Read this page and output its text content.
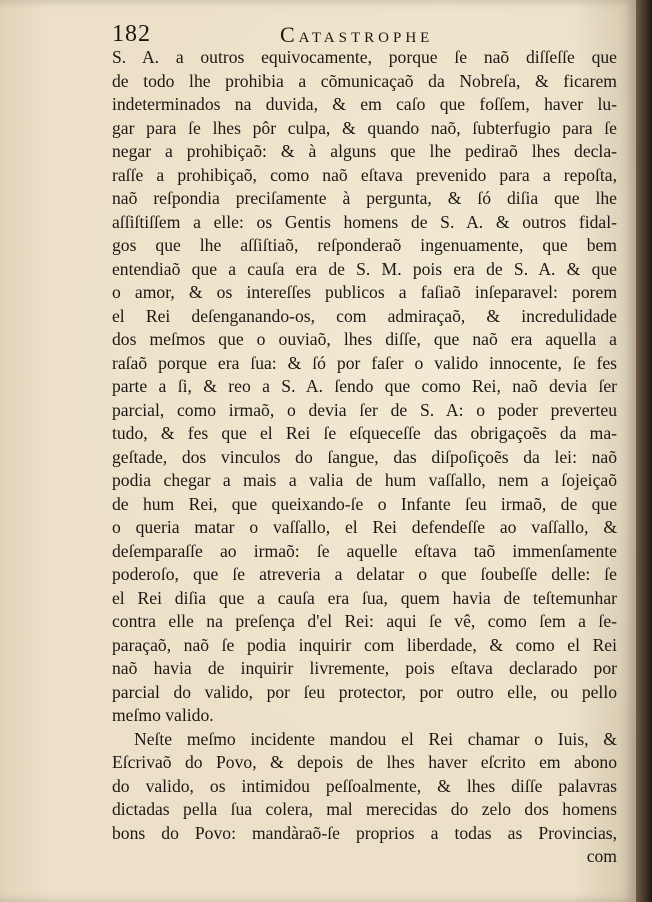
182	Catastrophe
S. A. a outros equivocamente, porque ſe naõ diſſeſſe que
de todo lhe prohibia a cõmunicaçaõ da Nobreſa, & ficarem
indeterminados na duvida, & em caſo que foſſem, haver lu-
gar para ſe lhes pôr culpa, & quando naõ, ſubterfugio para ſe
negar a prohibiçaõ: & à alguns que lhe pediraõ lhes decla-
raſſe a prohibiçaõ, como naõ eſtava prevenido para a repoſta,
naõ reſpondia preciſamente à pergunta, & ſó diſia que lhe
aſſiſtiſſem a elle: os Gentis homens de S. A. & outros fidal-
gos que lhe aſſiſtiaõ, reſponderaõ ingenuamente, que bem
entendiaõ que a cauſa era de S. M. pois era de S. A. & que
o amor, & os intereſſes publicos a faſiaõ inſeparavel: porem
el Rei deſenganando-os, com admiraçaõ, & incredulidade
dos meſmos que o ouviaõ, lhes diſſe, que naõ era aquella a
raſaõ porque era ſua: & ſó por faſer o valido innocente, ſe fes
parte a ſi, & reo a S. A. ſendo que como Rei, naõ devia ſer
parcial, como irmaõ, o devia ſer de S. A: o poder preverteu
tudo, & fes que el Rei ſe eſqueceſſe das obrigaçoẽs da ma-
geſtade, dos vinculos do ſangue, das diſpoſiçoẽs da lei: naõ
podia chegar a mais a valia de hum vaſſallo, nem a ſojeiçaõ
de hum Rei, que queixando-ſe o Infante ſeu irmaõ, de que
o queria matar o vaſſallo, el Rei defendeſſe ao vaſſallo, &
deſemparaſſe ao irmaõ: ſe aquelle eſtava taõ immenſamente
poderoſo, que ſe atreveria a delatar o que ſoubeſſe delle: ſe
el Rei diſia que a cauſa era ſua, quem havia de teſtemunhar
contra elle na preſença d'el Rei: aqui ſe vê, como ſem a ſe-
paraçaõ, naõ ſe podia inquirir com liberdade, & como el Rei
naõ havia de inquirir livremente, pois eſtava declarado por
parcial do valido, por ſeu protector, por outro elle, ou pello
meſmo valido.
Neſte meſmo incidente mandou el Rei chamar o Iuis, &
Eſcrivaõ do Povo, & depois de lhes haver eſcrito em abono
do valido, os intimidou peſſoalmente, & lhes diſſe palavras
dictadas pella ſua colera, mal merecidas do zelo dos homens
bons do Povo: mandàraõ-ſe proprios a todas as Provincias,
com
